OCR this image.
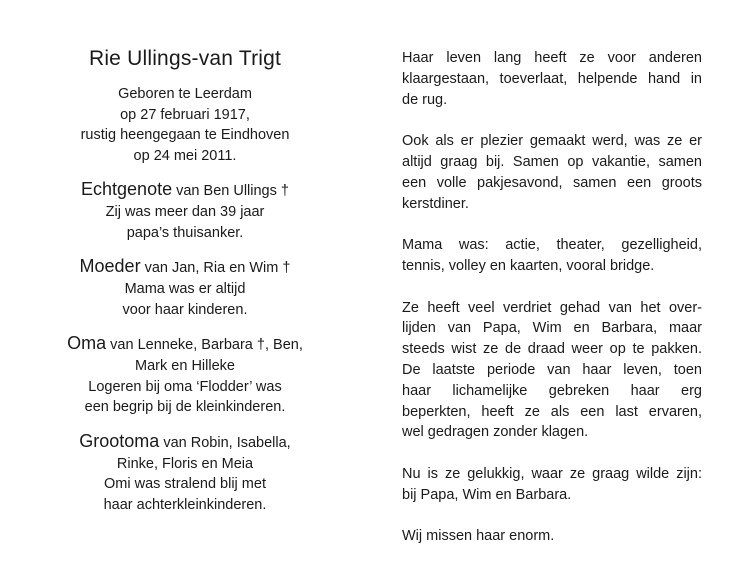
Rie Ullings-van Trigt

Geboren te Leerdam

op 27 februari 1917,

rustig heengegaan te Eindhoven

op 24 mei 2011.

Echtgenote van Ben Ullings †

Zij was meer dan 39 jaar

papa’s thuisanker.

Moeder van Jan, Ria en Wim †

Mama was er altijd

voor haar kinderen.

Oma van Lenneke, Barbara †, Ben,

Mark en Hilleke

Logeren bij oma ‘Flodder’ was

een begrip bij de kleinkinderen.

Grootoma van Robin, Isabella,

Rinke, Floris en Meia

Omi was stralend blij met

haar achterkleinkinderen.

Haar leven lang heeft ze voor anderen
klaargestaan, toeverlaat, helpende hand in
de rug.

Ook als er plezier gemaakt werd, was ze er
altijd graag bij. Samen op vakantie, samen
een volle pakjesavond, samen een groots
kerstdiner.

Mama was: actie, theater, gezelligheid,
tennis, volley en kaarten, vooral bridge.

Ze heeft veel verdriet gehad van het over-
lijden van Papa, Wim en Barbara, maar
steeds wist ze de draad weer op te pakken.
De laatste periode van haar leven, toen
haar lichamelijke gebreken haar erg
beperkten, heeft ze als een last ervaren,
wel gedragen zonder klagen.

Nu is ze gelukkig, waar ze graag wilde zijn:
bij Papa, Wim en Barbara.

Wij missen haar enorm.
